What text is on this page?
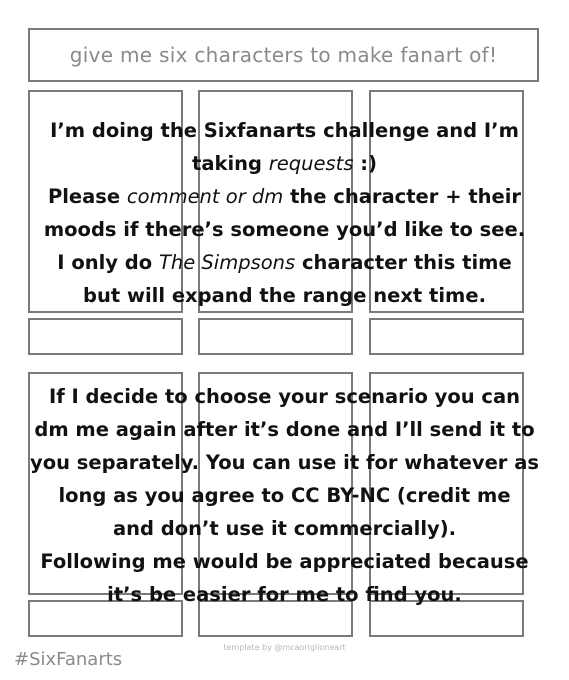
give me six characters to make fanart of!

I’m doing the Sixfanarts challenge and I’m

taking requests :)

Please comment or dm the character + their

moods if there’s someone you’d like to see.

I only do The Simpsons character this time

but will expand the range next time.

If I decide to choose your scenario you can

dm me again after it’s done and I’ll send it to

you separately. You can use it for whatever as

long as you agree to CC BY-NC (credit me

and don’t use it commercially).

Following me would be appreciated because

it’s be easier for me to find you.

template by @mcaoriglioneart
#SixFanarts
